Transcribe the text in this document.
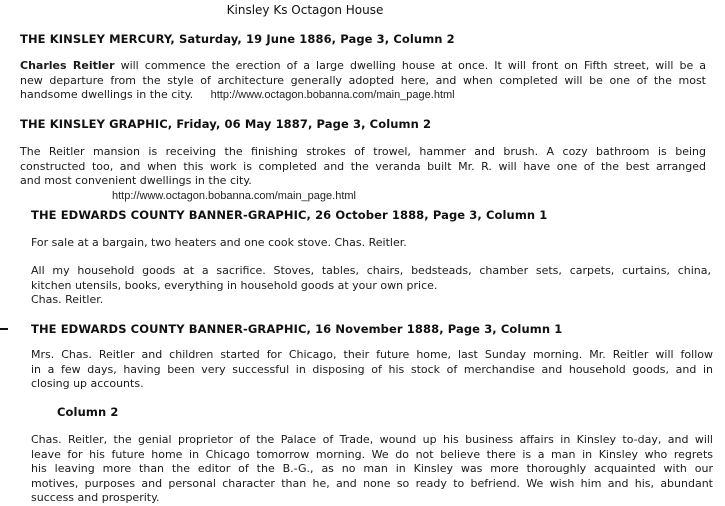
Kinsley Ks Octagon House
THE KINSLEY MERCURY, Saturday, 19 June 1886, Page 3, Column 2
Charles Reitler will commence the erection of a large dwelling house at once. It will front on Fifth street, will be a
new departure from the style of architecture generally adopted here, and when completed will be one of the most
handsome dwellings in the city. http://www.octagon.bobanna.com/main_page.html
THE KINSLEY GRAPHIC, Friday, 06 May 1887, Page 3, Column 2
The Reitler mansion is receiving the finishing strokes of trowel, hammer and brush. A cozy bathroom is being
constructed too, and when this work is completed and the veranda built Mr. R. will have one of the best arranged
and most convenient dwellings in the city.
http://www.octagon.bobanna.com/main_page.html
THE EDWARDS COUNTY BANNER-GRAPHIC, 26 October 1888, Page 3, Column 1
For sale at a bargain, two heaters and one cook stove. Chas. Reitler.
All my household goods at a sacrifice. Stoves, tables, chairs, bedsteads, chamber sets, carpets, curtains, china,
kitchen utensils, books, everything in household goods at your own price.
Chas. Reitler.
THE EDWARDS COUNTY BANNER-GRAPHIC, 16 November 1888, Page 3, Column 1
Mrs. Chas. Reitler and children started for Chicago, their future home, last Sunday morning. Mr. Reitler will follow
in a few days, having been very successful in disposing of his stock of merchandise and household goods, and in
closing up accounts.
Column 2
Chas. Reitler, the genial proprietor of the Palace of Trade, wound up his business affairs in Kinsley to-day, and will
leave for his future home in Chicago tomorrow morning. We do not believe there is a man in Kinsley who regrets
his leaving more than the editor of the B.-G., as no man in Kinsley was more thoroughly acquainted with our
motives, purposes and personal character than he, and none so ready to befriend. We wish him and his, abundant
success and prosperity.
